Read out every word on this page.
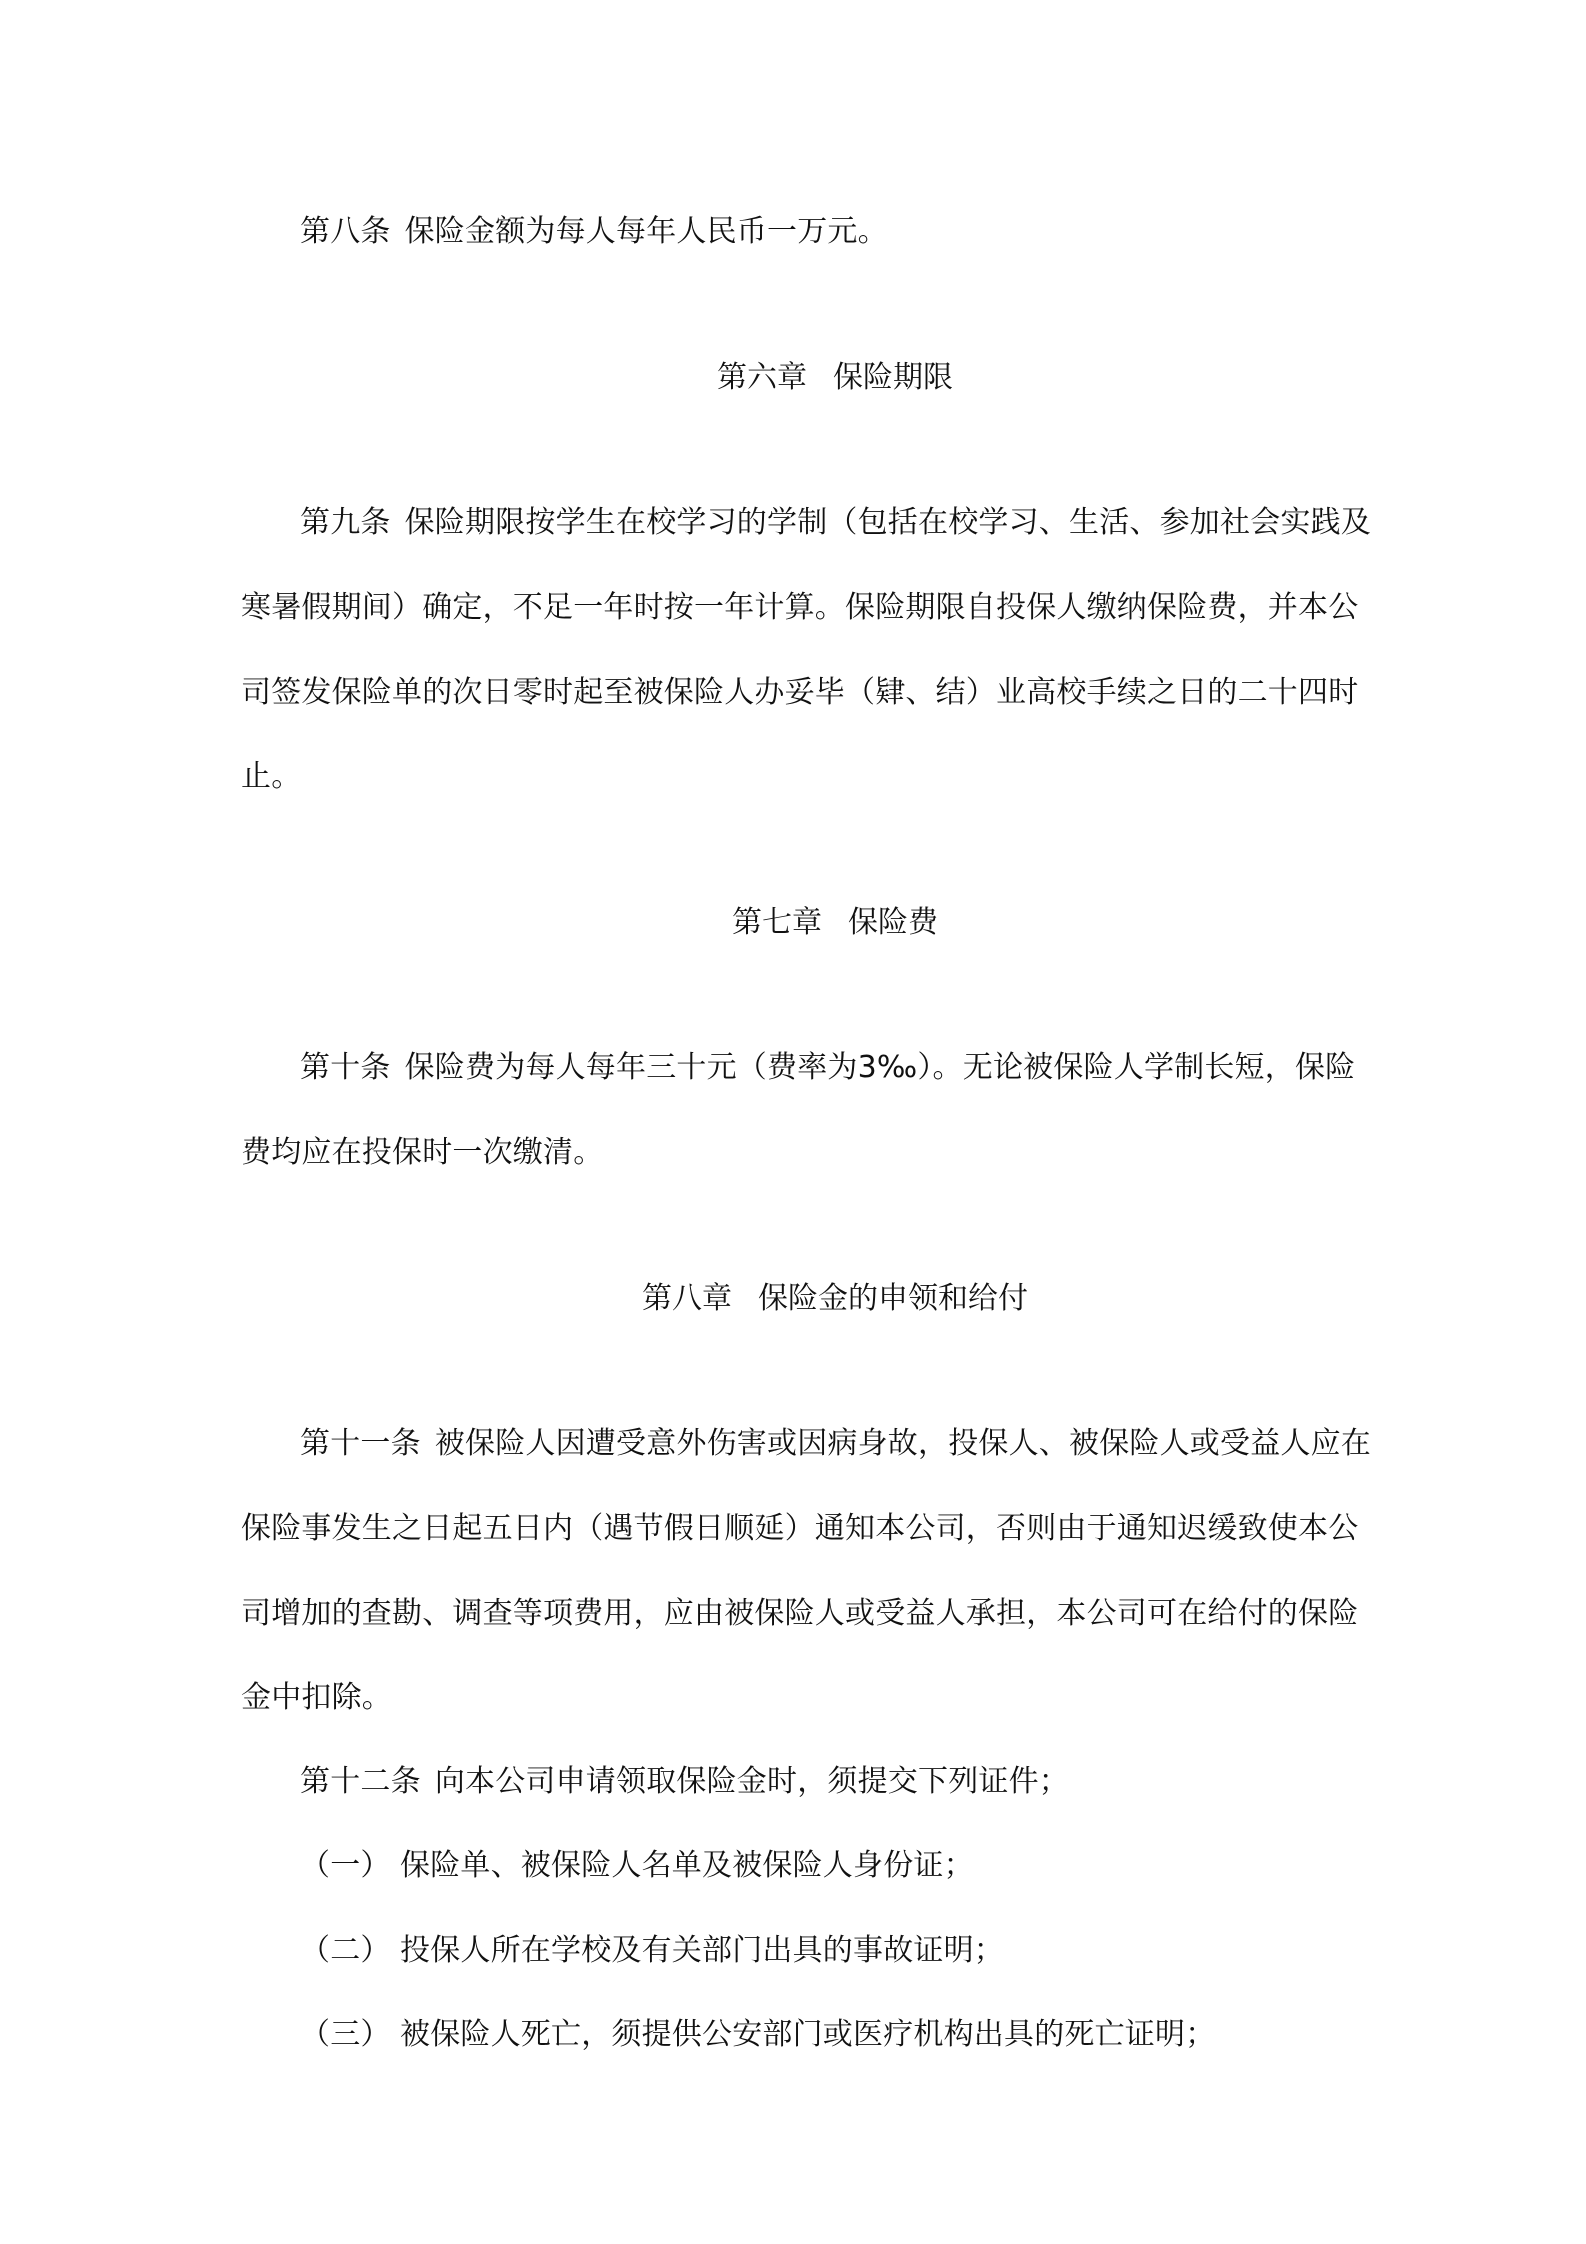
第八条 保险金额为每人每年人民币一万元。
第六章 保险期限
第九条 保险期限按学生在校学习的学制（包括在校学习、生活、参加社会实践及
寒暑假期间）确定，不足一年时按一年计算。保险期限自投保人缴纳保险费，并本公
司签发保险单的次日零时起至被保险人办妥毕（肄、结）业高校手续之日的二十四时
止。
第七章 保险费
第十条 保险费为每人每年三十元（费率为3‰）。无论被保险人学制长短，保险
费均应在投保时一次缴清。
第八章 保险金的申领和给付
第十一条 被保险人因遭受意外伤害或因病身故，投保人、被保险人或受益人应在
保险事发生之日起五日内（遇节假日顺延）通知本公司，否则由于通知迟缓致使本公
司增加的查勘、调查等项费用，应由被保险人或受益人承担，本公司可在给付的保险
金中扣除。
第十二条 向本公司申请领取保险金时，须提交下列证件；
（一） 保险单、被保险人名单及被保险人身份证；
（二） 投保人所在学校及有关部门出具的事故证明；
（三） 被保险人死亡，须提供公安部门或医疗机构出具的死亡证明；
